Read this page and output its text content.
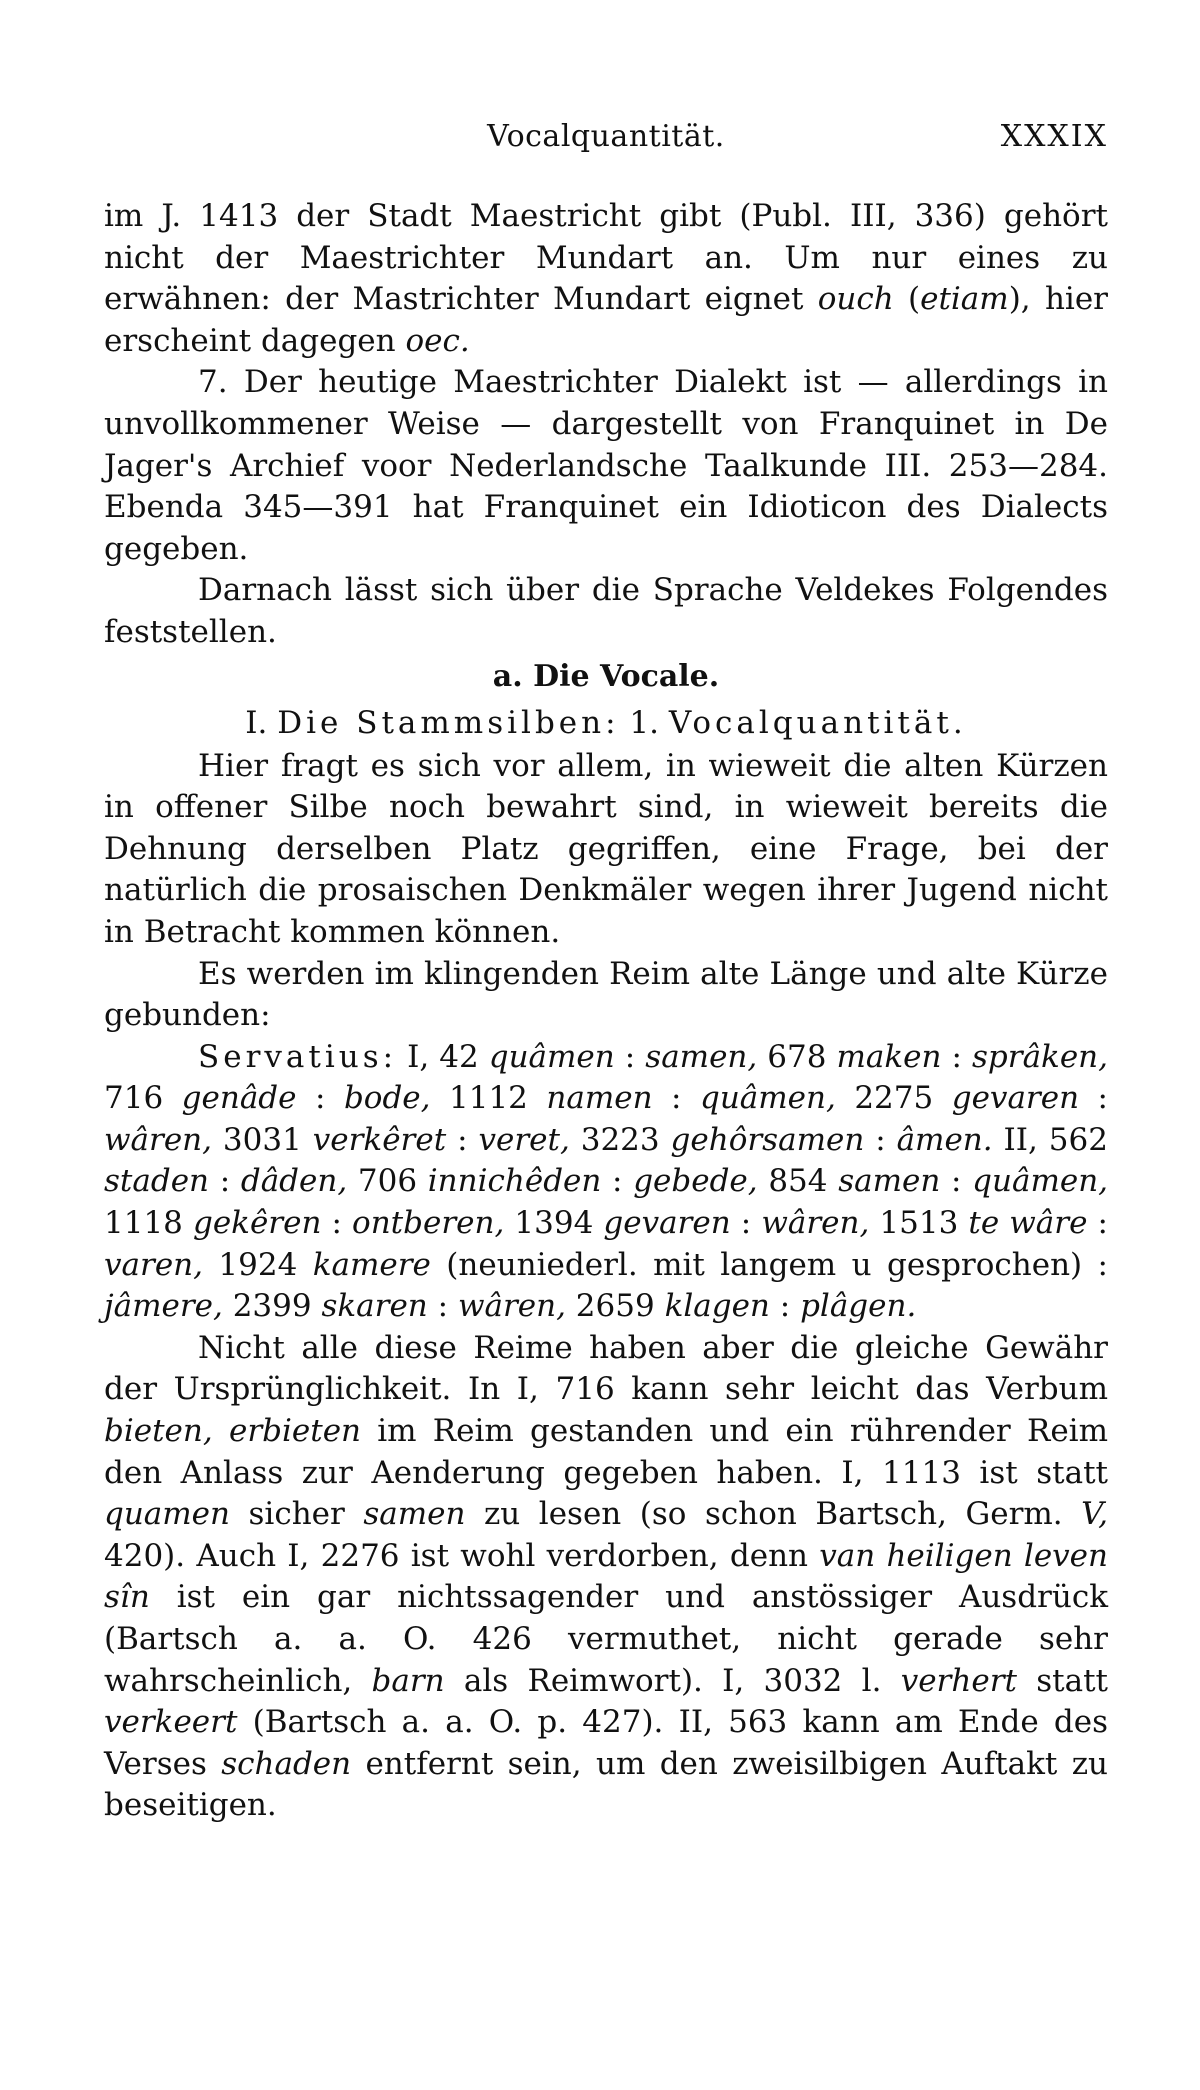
Vocalquantität.	XXXIX

im J. 1413 der Stadt Maestricht gibt (Publ. III, 336) gehört nicht der Maestrichter Mundart an. Um nur eines zu erwähnen: der Mastrichter Mundart eignet ouch (etiam), hier erscheint dagegen oec.

7. Der heutige Maestrichter Dialekt ist — allerdings in unvollkommener Weise — dargestellt von Franquinet in De Jager's Archief voor Nederlandsche Taalkunde III. 253—284. Ebenda 345—391 hat Franquinet ein Idioticon des Dialects gegeben.

Darnach lässt sich über die Sprache Veldekes Folgendes feststellen.

a. Die Vocale.

I. Die Stammsilben: 1. Vocalquantität.

Hier fragt es sich vor allem, in wieweit die alten Kürzen in offener Silbe noch bewahrt sind, in wieweit bereits die Dehnung derselben Platz gegriffen, eine Frage, bei der natürlich die prosaischen Denkmäler wegen ihrer Jugend nicht in Betracht kommen können.

Es werden im klingenden Reim alte Länge und alte Kürze gebunden:

Servatius: I, 42 quâmen : samen, 678 maken : sprâken, 716 genâde : bode, 1112 namen : quâmen, 2275 gevaren : wâren, 3031 verkêret : veret, 3223 gehôrsamen : âmen. II, 562 staden : dâden, 706 innichêden : gebede, 854 samen : quâmen, 1118 gekêren : ontberen, 1394 gevaren : wâren, 1513 te wâre : varen, 1924 kamere (neuniederl. mit langem u gesprochen) : jâmere, 2399 skaren : wâren, 2659 klagen : plâgen.

Nicht alle diese Reime haben aber die gleiche Gewähr der Ursprünglichkeit. In I, 716 kann sehr leicht das Verbum bieten, erbieten im Reim gestanden und ein rührender Reim den Anlass zur Aenderung gegeben haben. I, 1113 ist statt quamen sicher samen zu lesen (so schon Bartsch, Germ. V, 420). Auch I, 2276 ist wohl verdorben, denn van heiligen leven sîn ist ein gar nichtssagender und anstössiger Ausdrück (Bartsch a. a. O. 426 vermuthet, nicht gerade sehr wahrscheinlich, barn als Reimwort). I, 3032 l. verhert statt verkeert (Bartsch a. a. O. p. 427). II, 563 kann am Ende des Verses schaden entfernt sein, um den zweisilbigen Auftakt zu beseitigen.
